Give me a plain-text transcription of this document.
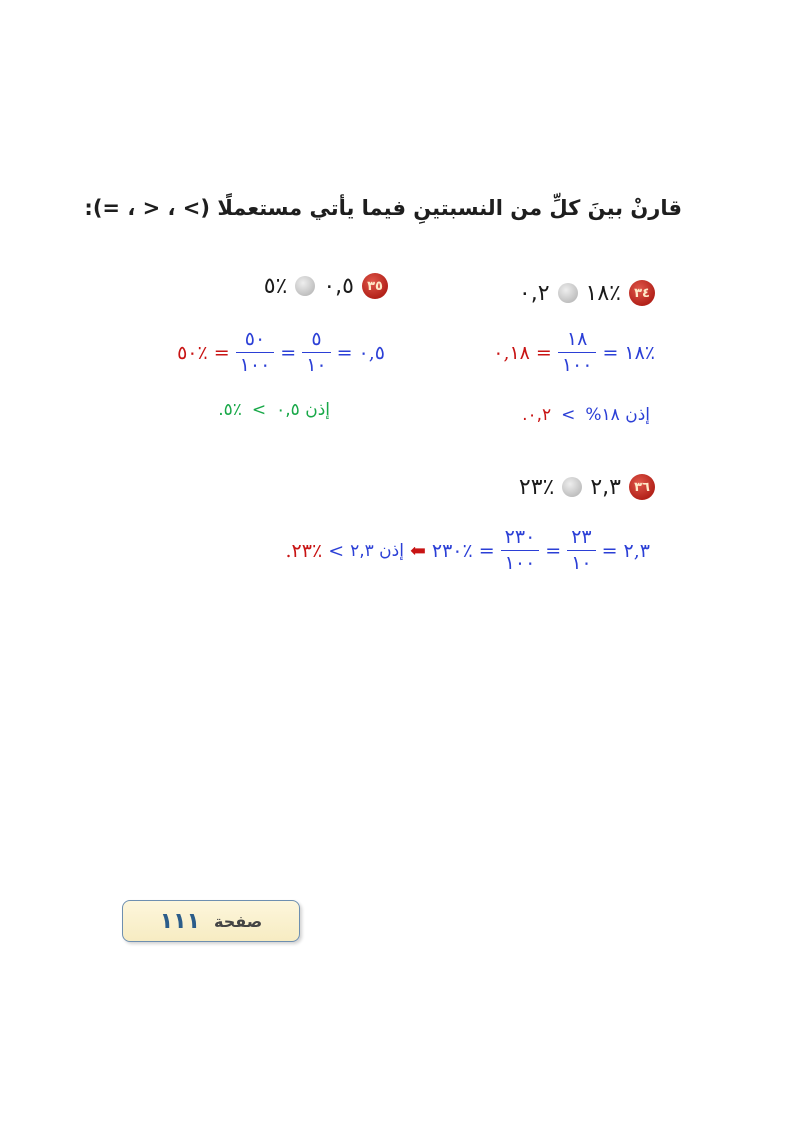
قارنْ بينَ كلِّ من النسبتينِ فيما يأتي مستعملًا (> ، < ، =):
٣٤
٪١٨
٠,٢
٣٥
٠,٥
٪٥
٪١٨
=
$\frac{١٨}{١٠٠}$
=
٠,١٨
٠,٥
=
$\frac{٥}{١٠}$
=
$\frac{٥٠}{١٠٠}$
=
٪٥٠
إذن ١٨%
>
٠,٢.
إذن ٠,٥
>
٪٥.
٣٦
٢,٣
٪٢٣
٢,٣
=
$\frac{٢٣}{١٠}$
=
$\frac{٢٣٠}{١٠٠}$
=
٪٢٣٠
⬅
إذن ٢,٣
>
٪٢٣.
صفحة
١١١
